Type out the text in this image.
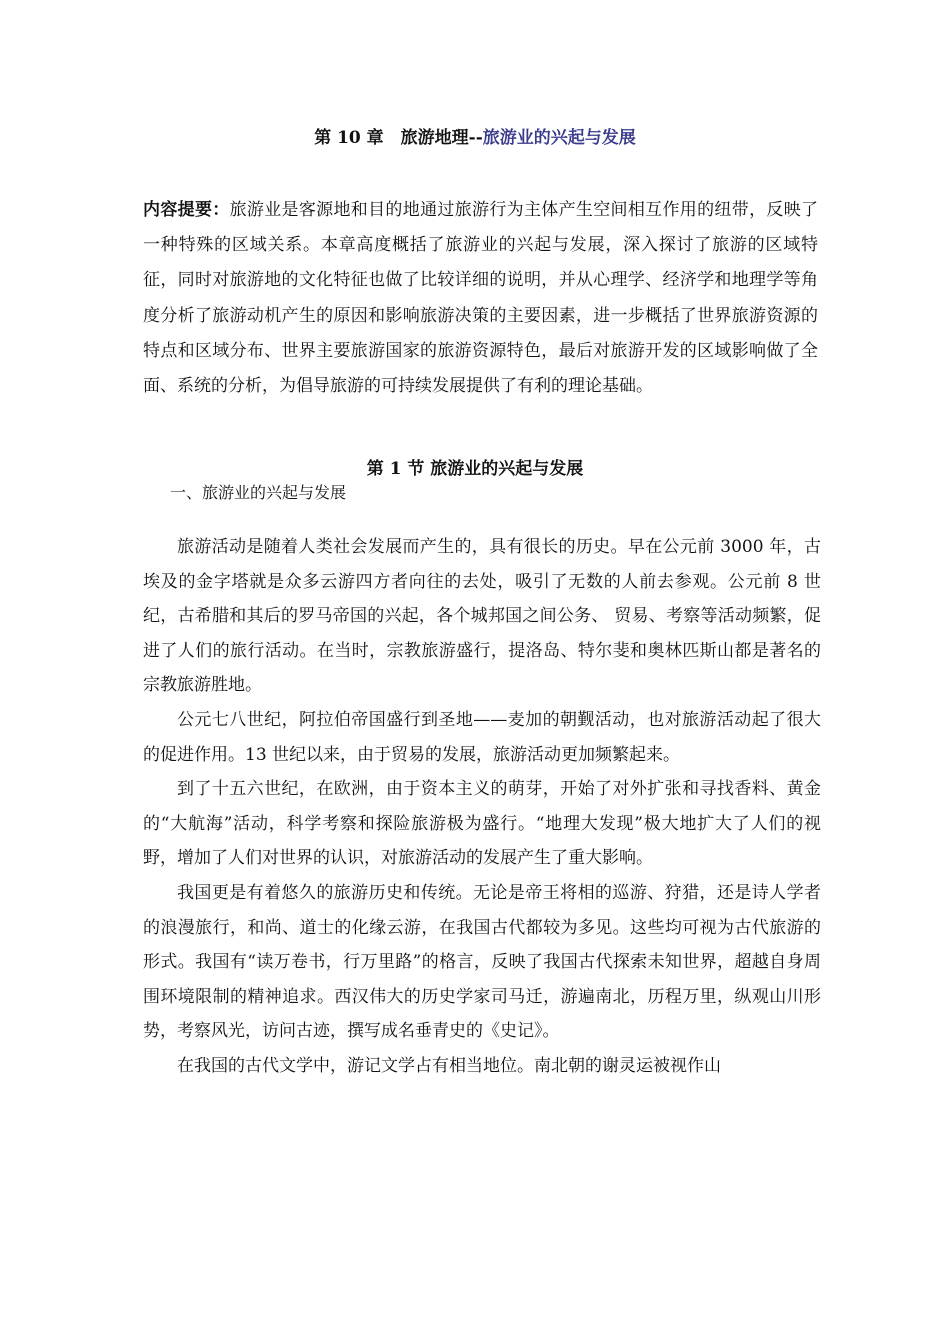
第 10 章　旅游地理--旅游业的兴起与发展
内容提要：旅游业是客源地和目的地通过旅游行为主体产生空间相互作用的纽带，反映了一种特殊的区域关系。本章高度概括了旅游业的兴起与发展，深入探讨了旅游的区域特征，同时对旅游地的文化特征也做了比较详细的说明，并从心理学、经济学和地理学等角度分析了旅游动机产生的原因和影响旅游决策的主要因素，进一步概括了世界旅游资源的特点和区域分布、世界主要旅游国家的旅游资源特色，最后对旅游开发的区域影响做了全面、系统的分析，为倡导旅游的可持续发展提供了有利的理论基础。
第 1 节 旅游业的兴起与发展
一、旅游业的兴起与发展

旅游活动是随着人类社会发展而产生的，具有很长的历史。早在公元前 3000 年，古埃及的金字塔就是众多云游四方者向往的去处，吸引了无数的人前去参观。公元前 8 世纪，古希腊和其后的罗马帝国的兴起，各个城邦国之间公务、 贸易、考察等活动频繁，促进了人们的旅行活动。在当时，宗教旅游盛行，提洛岛、特尔斐和奥林匹斯山都是著名的宗教旅游胜地。

公元七八世纪，阿拉伯帝国盛行到圣地——麦加的朝觐活动，也对旅游活动起了很大的促进作用。13 世纪以来，由于贸易的发展，旅游活动更加频繁起来。

到了十五六世纪，在欧洲，由于资本主义的萌芽，开始了对外扩张和寻找香料、黄金的“大航海”活动，科学考察和探险旅游极为盛行。“地理大发现”极大地扩大了人们的视野，增加了人们对世界的认识，对旅游活动的发展产生了重大影响。

我国更是有着悠久的旅游历史和传统。无论是帝王将相的巡游、狩猎，还是诗人学者的浪漫旅行，和尚、道士的化缘云游，在我国古代都较为多见。这些均可视为古代旅游的形式。我国有“读万卷书，行万里路”的格言，反映了我国古代探索未知世界，超越自身周围环境限制的精神追求。西汉伟大的历史学家司马迁，游遍南北，历程万里，纵观山川形势，考察风光，访问古迹，撰写成名垂青史的《史记》。

在我国的古代文学中，游记文学占有相当地位。南北朝的谢灵运被视作山
